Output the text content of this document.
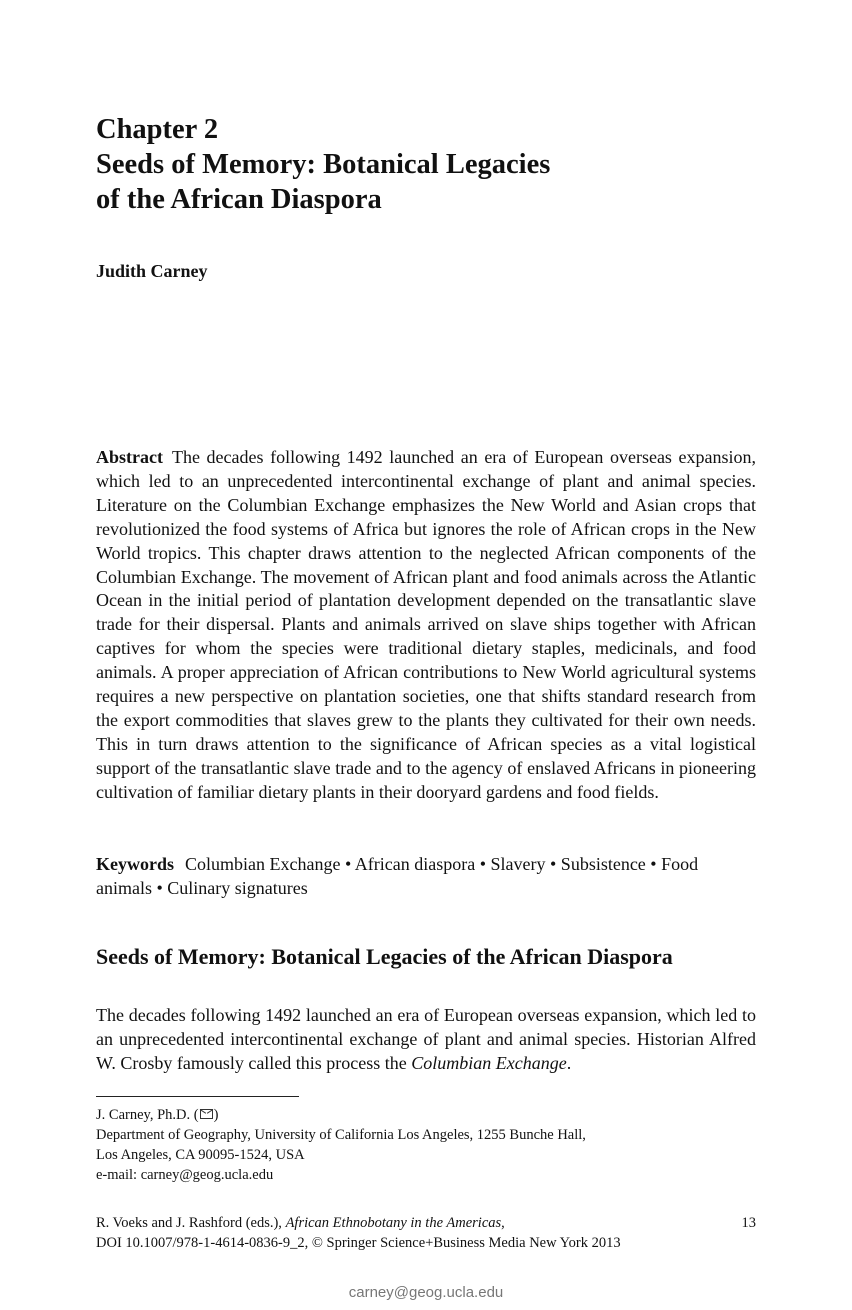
Chapter 2
Seeds of Memory: Botanical Legacies
of the African Diaspora
Judith Carney
Abstract The decades following 1492 launched an era of European overseas expansion, which led to an unprecedented intercontinental exchange of plant and animal species. Literature on the Columbian Exchange emphasizes the New World and Asian crops that revolutionized the food systems of Africa but ignores the role of African crops in the New World tropics. This chapter draws attention to the neglected African components of the Columbian Exchange. The movement of African plant and food animals across the Atlantic Ocean in the initial period of plantation development depended on the transatlantic slave trade for their dispersal. Plants and animals arrived on slave ships together with African captives for whom the species were traditional dietary staples, medicinals, and food animals. A proper appreciation of African contributions to New World agricultural systems requires a new perspective on plantation societies, one that shifts standard research from the export commodities that slaves grew to the plants they cultivated for their own needs. This in turn draws attention to the significance of African species as a vital logistical support of the transatlantic slave trade and to the agency of enslaved Africans in pioneering cultivation of familiar dietary plants in their dooryard gardens and food fields.
Keywords Columbian Exchange • African diaspora • Slavery • Subsistence • Food animals • Culinary signatures
Seeds of Memory: Botanical Legacies of the African Diaspora
The decades following 1492 launched an era of European overseas expansion, which led to an unprecedented intercontinental exchange of plant and animal species. Historian Alfred W. Crosby famously called this process the Columbian Exchange.
J. Carney, Ph.D. ( )
Department of Geography, University of California Los Angeles, 1255 Bunche Hall,
Los Angeles, CA 90095-1524, USA
e-mail: carney@geog.ucla.edu
R. Voeks and J. Rashford (eds.), African Ethnobotany in the Americas,
DOI 10.1007/978-1-4614-0836-9_2, © Springer Science+Business Media New York 2013
13
carney@geog.ucla.edu
